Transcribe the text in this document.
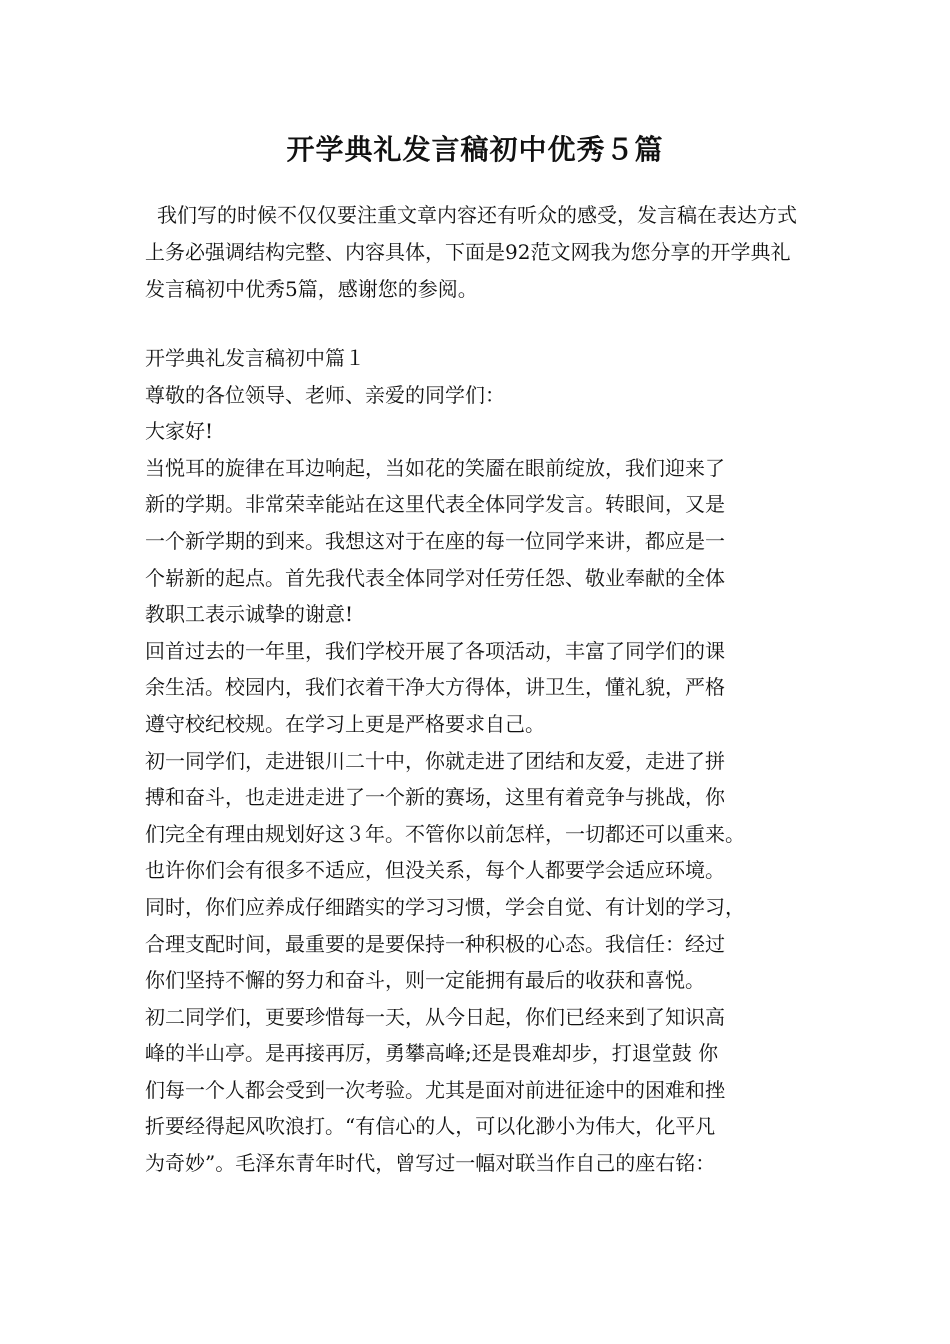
开学典礼发言稿初中优秀５篇
我们写的时候不仅仅要注重文章内容还有听众的感受，发言稿在表达方式上务必强调结构完整、内容具体，下面是92范文网我为您分享的开学典礼发言稿初中优秀5篇，感谢您的参阅。
开学典礼发言稿初中篇１
尊敬的各位领导、老师、亲爱的同学们：
大家好!
当悦耳的旋律在耳边响起，当如花的笑靥在眼前绽放，我们迎来了
新的学期。非常荣幸能站在这里代表全体同学发言。转眼间，又是
一个新学期的到来。我想这对于在座的每一位同学来讲，都应是一
个崭新的起点。首先我代表全体同学对任劳任怨、敬业奉献的全体
教职工表示诚挚的谢意!
回首过去的一年里，我们学校开展了各项活动，丰富了同学们的课
余生活。校园内，我们衣着干净大方得体，讲卫生，懂礼貌，严格
遵守校纪校规。在学习上更是严格要求自己。
初一同学们，走进银川二十中，你就走进了团结和友爱，走进了拼
搏和奋斗，也走进走进了一个新的赛场，这里有着竞争与挑战，你
们完全有理由规划好这３年。不管你以前怎样，一切都还可以重来。
也许你们会有很多不适应，但没关系，每个人都要学会适应环境。
同时，你们应养成仔细踏实的学习习惯，学会自觉、有计划的学习，
合理支配时间，最重要的是要保持一种积极的心态。我信任：经过
你们坚持不懈的努力和奋斗，则一定能拥有最后的收获和喜悦。
初二同学们，更要珍惜每一天，从今日起，你们已经来到了知识高
峰的半山亭。是再接再厉，勇攀高峰;还是畏难却步，打退堂鼓 你
们每一个人都会受到一次考验。尤其是面对前进征途中的困难和挫
折要经得起风吹浪打。“有信心的人，可以化渺小为伟大，化平凡
为奇妙”。毛泽东青年时代，曾写过一幅对联当作自己的座右铭：
